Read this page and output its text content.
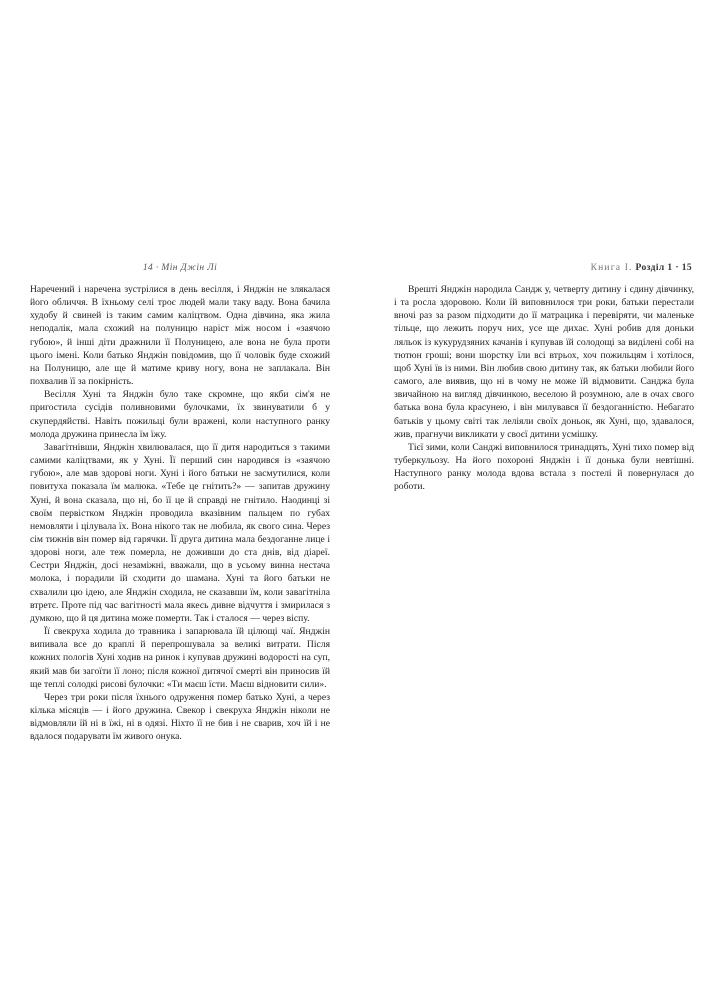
14 · Мін Джін Лі

Наречений і наречена зустрілися в день весілля, і Янджін не злякалася його обличчя. В їхньому селі троє людей мали таку ваду. Вона бачила худобу й свиней із таким самим каліцтвом. Одна дівчина, яка жила неподалік, мала схожий на полуницю наріст між носом і «заячою губою», й інші діти дражнили її Полуницею, але вона не була проти цього імені. Коли батько Янджін повідомив, що її чоловік буде схожий на Полуницю, але ще й матиме криву ногу, вона не заплакала. Він похвалив її за покірність.

Весілля Хуні та Янджін було таке скромне, що якби сім'я не пригостила сусідів поливновими булочками, їх звинуватили б у скупердяйстві. Навіть пожильці були вражені, коли наступного ранку молода дружина принесла їм їжу.

Завагітнівши, Янджін хвилювалася, що її дитя народиться з такими самими каліцтвами, як у Хуні. Її перший син народився із «заячою губою», але мав здорові ноги. Хуні і його батьки не засмутилися, коли повитуха показала їм малюка. «Тебе це гнітить?» — запитав дружину Хуні, й вона сказала, що ні, бо її це й справді не гнітило. Наодинці зі своїм первістком Янджін проводила вказівним пальцем по губах немовляти і цілувала їх. Вона нікого так не любила, як свого сина. Через сім тижнів він помер від гарячки. Її друга дитина мала бездоганне лице і здорові ноги, але теж померла, не доживши до ста днів, від діареї. Сестри Янджін, досі незаміжні, вважали, що в усьому винна нестача молока, і порадили їй сходити до шамана. Хуні та його батьки не схвалили цю ідею, але Янджін сходила, не сказавши їм, коли завагітніла втретє. Проте під час вагітності мала якесь дивне відчуття і змирилася з думкою, що й ця дитина може померти. Так і сталося — через віспу.

Її свекруха ходила до травника і запарювала їй цілющі чаї. Янджін випивала все до краплі й перепрошувала за великі витрати. Після кожних пологів Хуні ходив на ринок і купував дружині водорості на суп, який мав би загоїти її лоно; після кожної дитячої смерті він приносив їй ще теплі солодкі рисові булочки: «Ти маєш їсти. Маєш відновити сили».

Через три роки після їхнього одруження помер батько Хуні, а через кілька місяців — і його дружина. Свекор і свекруха Янджін ніколи не відмовляли їй ні в їжі, ні в одязі. Ніхто її не бив і не сварив, хоч їй і не вдалося подарувати їм живого онука.

Книга I. Розділ 1 · 15

Врешті Янджін народила Сандж у, четверту дитину і єдину дівчинку, і та росла здоровою. Коли їй виповнилося три роки, батьки перестали вночі раз за разом підходити до її матрацика і перевіряти, чи маленьке тільце, що лежить поруч них, усе ще дихає. Хуні робив для доньки ляльок із кукурудзяних качанів і купував їй солодощі за виділені собі на тютюн гроші; вони шорстку їли всі втрьох, хоч пожильцям і хотілося, щоб Хуні їв із ними. Він любив свою дитину так, як батьки любили його самого, але виявив, що ні в чому не може їй відмовити. Санджа була звичайною на вигляд дівчинкою, веселою й розумною, але в очах свого батька вона була красунею, і він милувався її бездоганністю. Небагато батьків у цьому світі так леліяли своїх доньок, як Хуні, що, здавалося, жив, прагнучи викликати у своєї дитини усмішку.

Тієї зими, коли Санджі виповнилося тринадцять, Хуні тихо помер від туберкульозу. На його похороні Янджін і її донька були невтішні. Наступного ранку молода вдова встала з постелі й повернулася до роботи.
